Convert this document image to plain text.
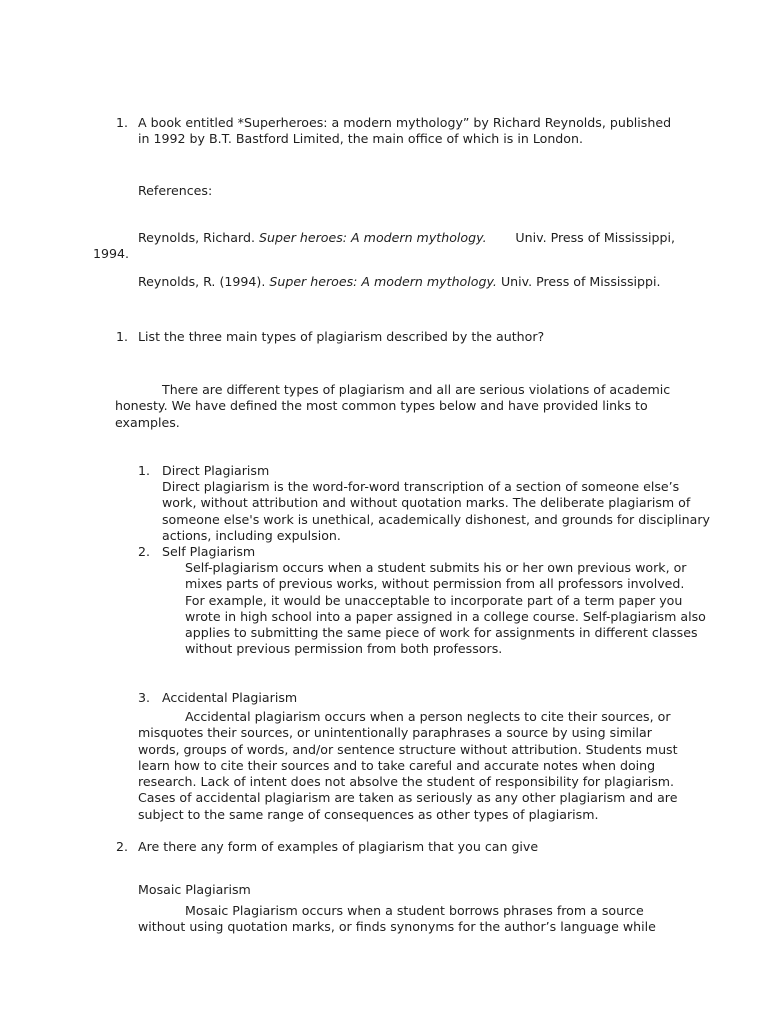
1. A book entitled *Superheroes: a modern mythology” by Richard Reynolds, published
in 1992 by B.T. Bastford Limited, the main office of which is in London.
References:
Reynolds, Richard. Super heroes: A modern mythology. Univ. Press of Mississippi,
1994.
Reynolds, R. (1994). Super heroes: A modern mythology. Univ. Press of Mississippi.
1. List the three main types of plagiarism described by the author?
There are different types of plagiarism and all are serious violations of academic
honesty. We have defined the most common types below and have provided links to
examples.
1. Direct Plagiarism
Direct plagiarism is the word-for-word transcription of a section of someone else’s
work, without attribution and without quotation marks. The deliberate plagiarism of
someone else's work is unethical, academically dishonest, and grounds for disciplinary
actions, including expulsion.
2. Self Plagiarism
Self-plagiarism occurs when a student submits his or her own previous work, or
mixes parts of previous works, without permission from all professors involved.
For example, it would be unacceptable to incorporate part of a term paper you
wrote in high school into a paper assigned in a college course. Self-plagiarism also
applies to submitting the same piece of work for assignments in different classes
without previous permission from both professors.
3. Accidental Plagiarism
Accidental plagiarism occurs when a person neglects to cite their sources, or
misquotes their sources, or unintentionally paraphrases a source by using similar
words, groups of words, and/or sentence structure without attribution. Students must
learn how to cite their sources and to take careful and accurate notes when doing
research. Lack of intent does not absolve the student of responsibility for plagiarism.
Cases of accidental plagiarism are taken as seriously as any other plagiarism and are
subject to the same range of consequences as other types of plagiarism.
2. Are there any form of examples of plagiarism that you can give
Mosaic Plagiarism
Mosaic Plagiarism occurs when a student borrows phrases from a source
without using quotation marks, or finds synonyms for the author’s language while
